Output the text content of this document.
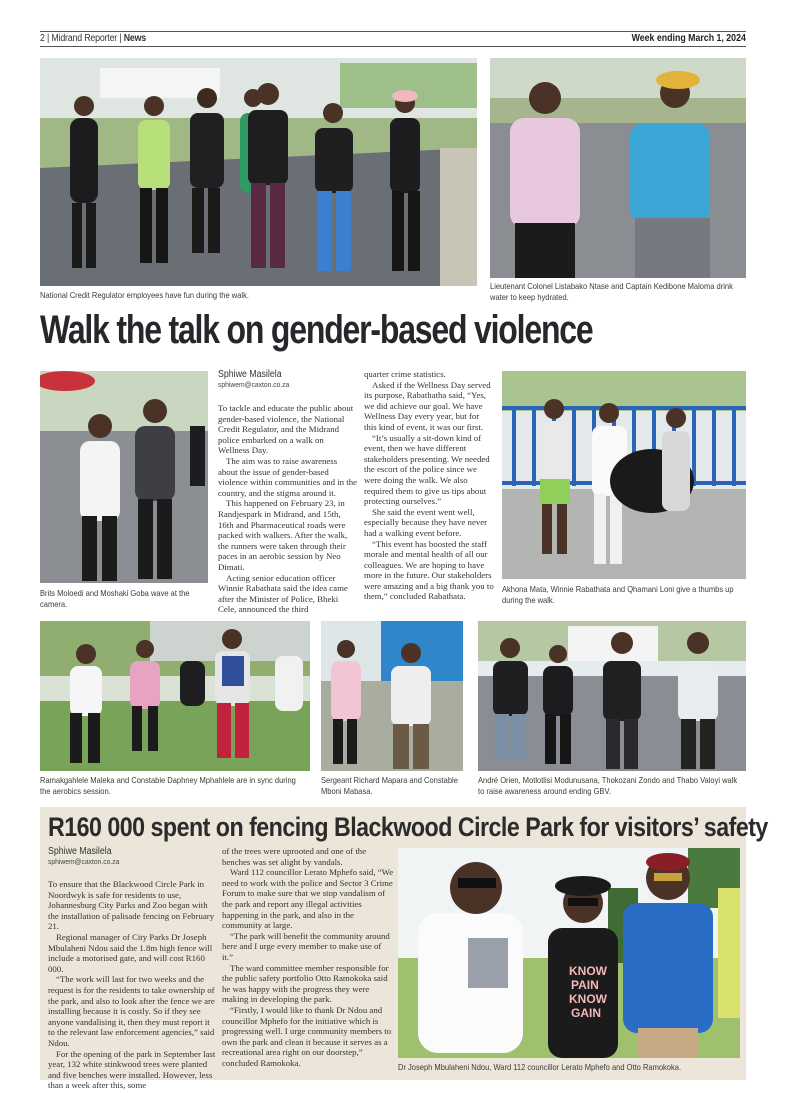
2 | Midrand Reporter | News	Week ending March 1, 2024
National Credit Regulator employees have fun during the walk.
Lieutenant Colonel Listabako Ntase and Captain Kedibone Maloma drink water to keep hydrated.
Walk the talk on gender-based violence
Brits Moloedi and Moshaki Goba wave at the camera.
Sphiwe Masilela
sphiwem@caxton.co.za

To tackle and educate the public about gender-based violence, the National Credit Regulator, and the Midrand police embarked on a walk on Wellness Day.

The aim was to raise awareness about the issue of gender-based violence within communities and in the country, and the stigma around it.

This happened on February 23, in Randjespark in Midrand, and 15th, 16th and Pharmaceutical roads were packed with walkers. After the walk, the runners were taken through their paces in an aerobic session by Neo Dimati.

Acting senior education officer Winnie Rabathata said the idea came after the Minister of Police, Bheki Cele, announced the third

quarter crime statistics.

Asked if the Wellness Day served its purpose, Rabathatha said, “Yes, we did achieve our goal. We have Wellness Day every year, but for this kind of event, it was our first.

“It’s usually a sit-down kind of event, then we have different stakeholders presenting. We needed the escort of the police since we were doing the walk. We also required them to give us tips about protecting ourselves.”

She said the event went well, especially because they have never had a walking event before.

“This event has boosted the staff morale and mental health of all our colleagues. We are hoping to have more in the future. Our stakeholders were amazing and a big thank you to them,” concluded Rabathata.

Akhona Mata, Winnie Rabathata and Qhamani Loni give a thumbs up during the walk.
Ramakgahlele Maleka and Constable Daphney Mphahlele are in sync during the aerobics session.
Sergeant Richard Mapara and Constable Mboni Mabasa.
André Orien, Motlotlisi Modunusana, Thokozani Zondo and Thabo Valoyi walk to raise awareness around ending GBV.
R160 000 spent on fencing Blackwood Circle Park for visitors’ safety
Sphiwe Masilela
sphiwem@caxton.co.za

To ensure that the Blackwood Circle Park in Noordwyk is safe for residents to use, Johannesburg City Parks and Zoo began with the installation of palisade fencing on February 21.

Regional manager of City Parks Dr Joseph Mbulaheni Ndou said the 1.8m high fence will include a motorised gate, and will cost R160 000.

“The work will last for two weeks and the request is for the residents to take ownership of the park, and also to look after the fence we are installing because it is costly. So if they see anyone vandalising it, then they must report it to the relevant law enforcement agencies,” said Ndou.

For the opening of the park in September last year, 132 white stinkwood trees were planted and five benches were installed. However, less than a week after this, some

of the trees were uprooted and one of the benches was set alight by vandals.

Ward 112 councillor Lerato Mphefo said, “We need to work with the police and Sector 3 Crime Forum to make sure that we stop vandalism of the park and report any illegal activities happening in the park, and also in the community at large.

“The park will benefit the community around here and I urge every member to make use of it.”

The ward committee member responsible for the public safety portfolio Otto Ramokoka said he was happy with the progress they were making in developing the park.

“Firstly, I would like to thank Dr Ndou and councillor Mphefo for the initiative which is progressing well. I urge community members to own the park and clean it because it serves as a recreational area right on our doorstep,” concluded Ramokoka.

KNOW
PAIN
KNOW
GAIN
Dr Joseph Mbulaheni Ndou, Ward 112 councillor Lerato Mphefo and Otto Ramokoka.
